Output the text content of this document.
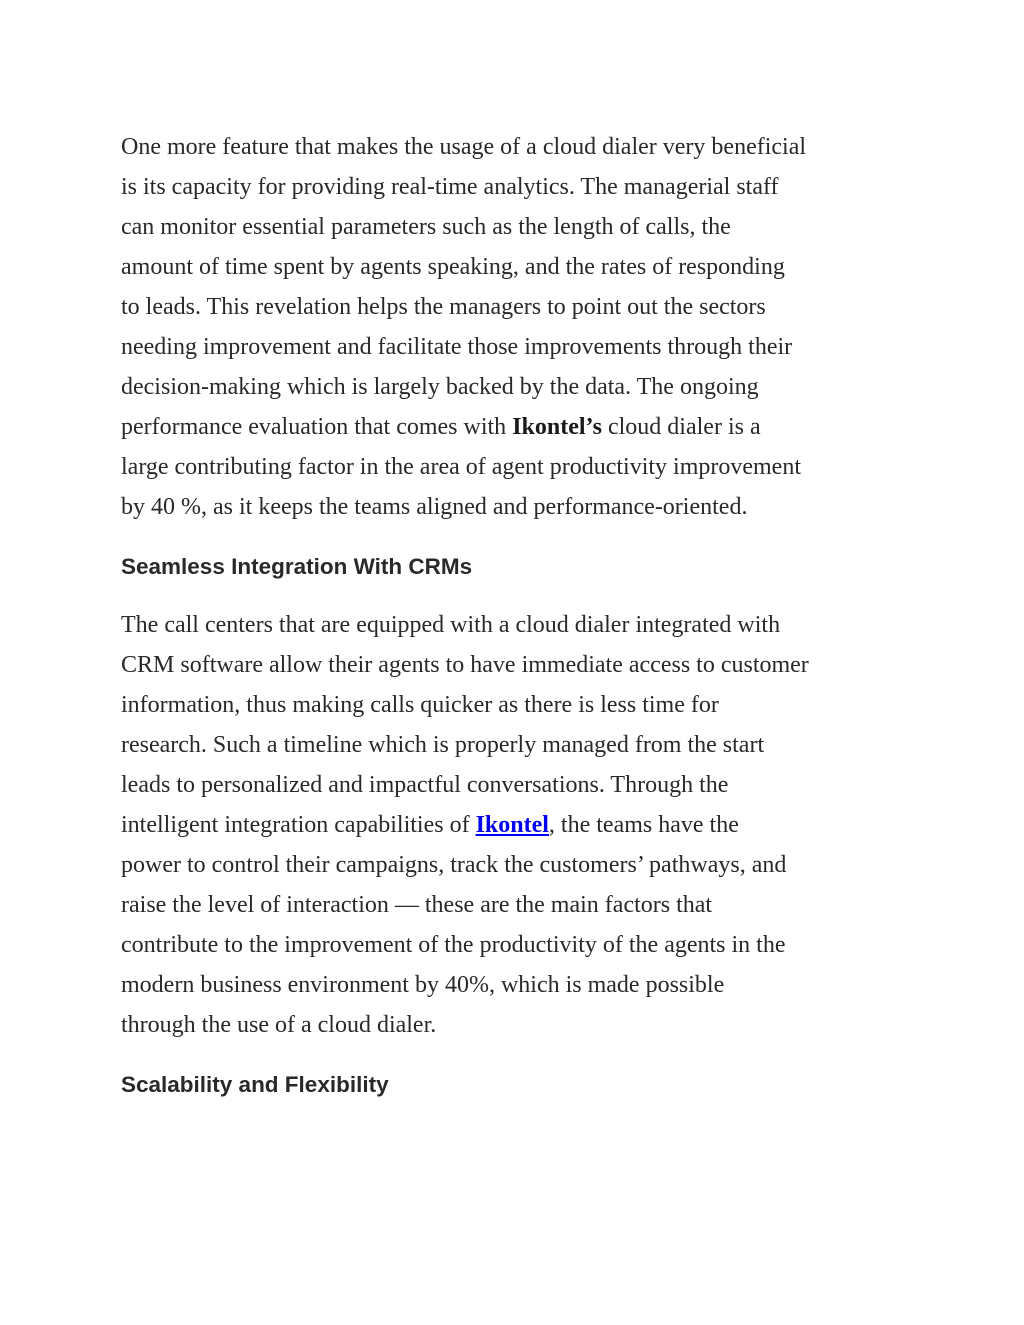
One more feature that makes the usage of a cloud dialer very beneficial
is its capacity for providing real-time analytics. The managerial staff
can monitor essential parameters such as the length of calls, the
amount of time spent by agents speaking, and the rates of responding
to leads. This revelation helps the managers to point out the sectors
needing improvement and facilitate those improvements through their
decision-making which is largely backed by the data. The ongoing
performance evaluation that comes with Ikontel’s cloud dialer is a
large contributing factor in the area of agent productivity improvement
by 40 %, as it keeps the teams aligned and performance-oriented.

Seamless Integration With CRMs

The call centers that are equipped with a cloud dialer integrated with
CRM software allow their agents to have immediate access to customer
information, thus making calls quicker as there is less time for
research. Such a timeline which is properly managed from the start
leads to personalized and impactful conversations. Through the
intelligent integration capabilities of Ikontel, the teams have the
power to control their campaigns, track the customers’ pathways, and
raise the level of interaction — these are the main factors that
contribute to the improvement of the productivity of the agents in the
modern business environment by 40%, which is made possible
through the use of a cloud dialer.

Scalability and Flexibility
